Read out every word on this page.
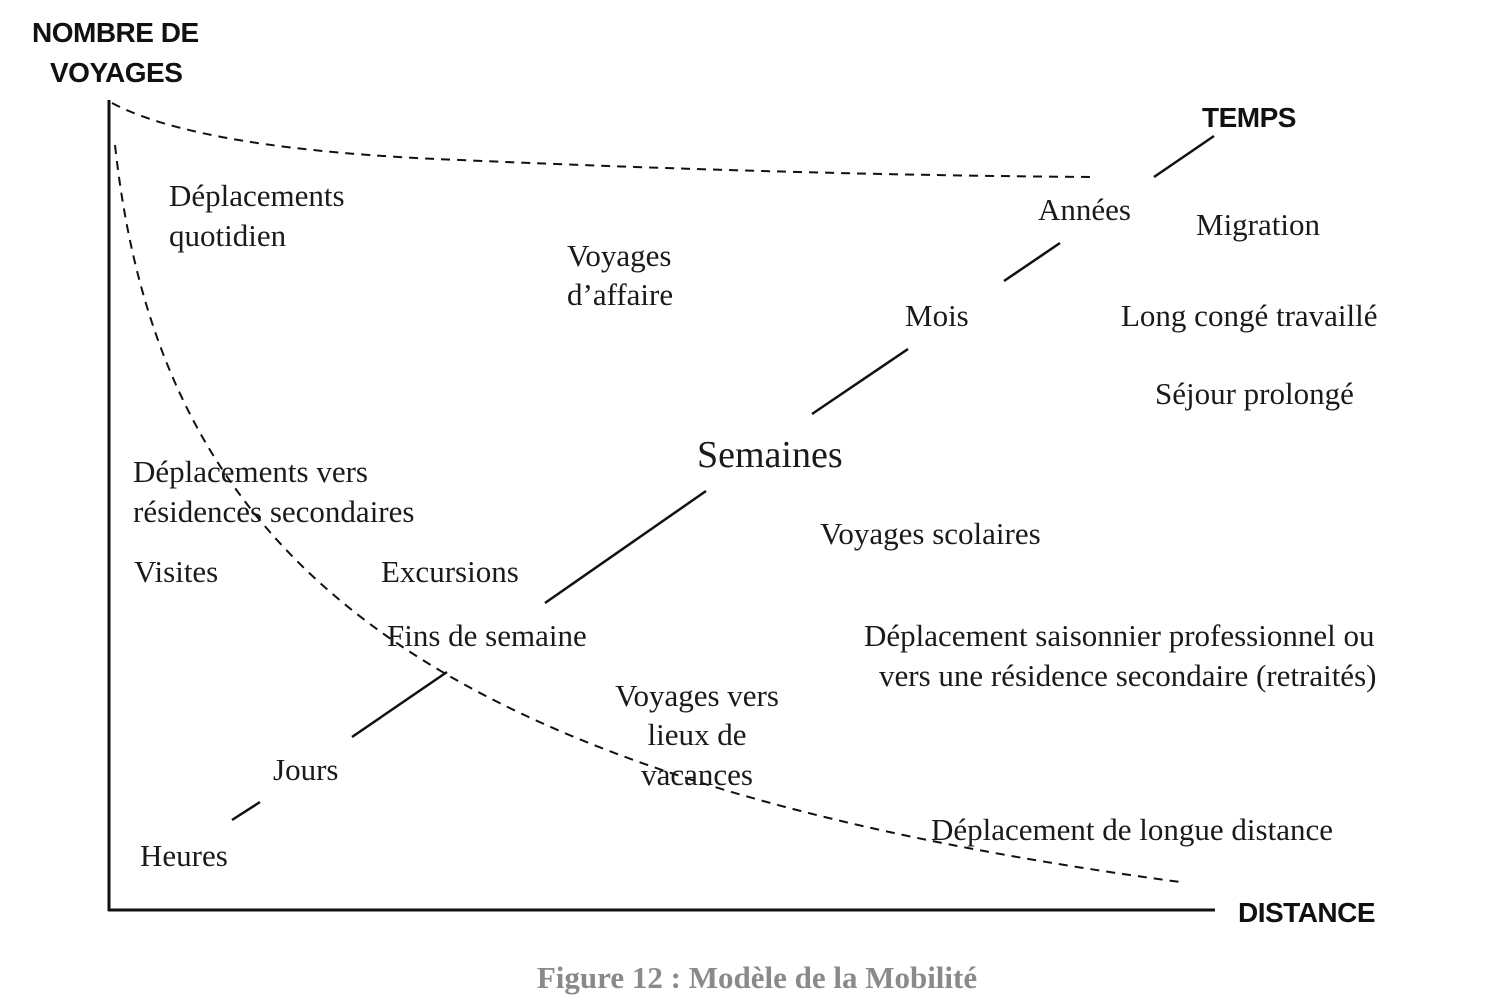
NOMBRE DE
VOYAGES
DISTANCE
TEMPS
Heures
Jours
Fins de semaine
Semaines
Mois
Années
Déplacements
quotidien
Voyages
d’affaire
Déplacements vers
résidences secondaires
Visites	Excursions
Voyages scolaires
Voyages vers
lieux de
vacances
Déplacement saisonnier professionnel ou
vers une résidence secondaire (retraités)
Déplacement de longue distance
Migration
Long congé travaillé
Séjour prolongé
Figure 12 : Modèle de la Mobilité
